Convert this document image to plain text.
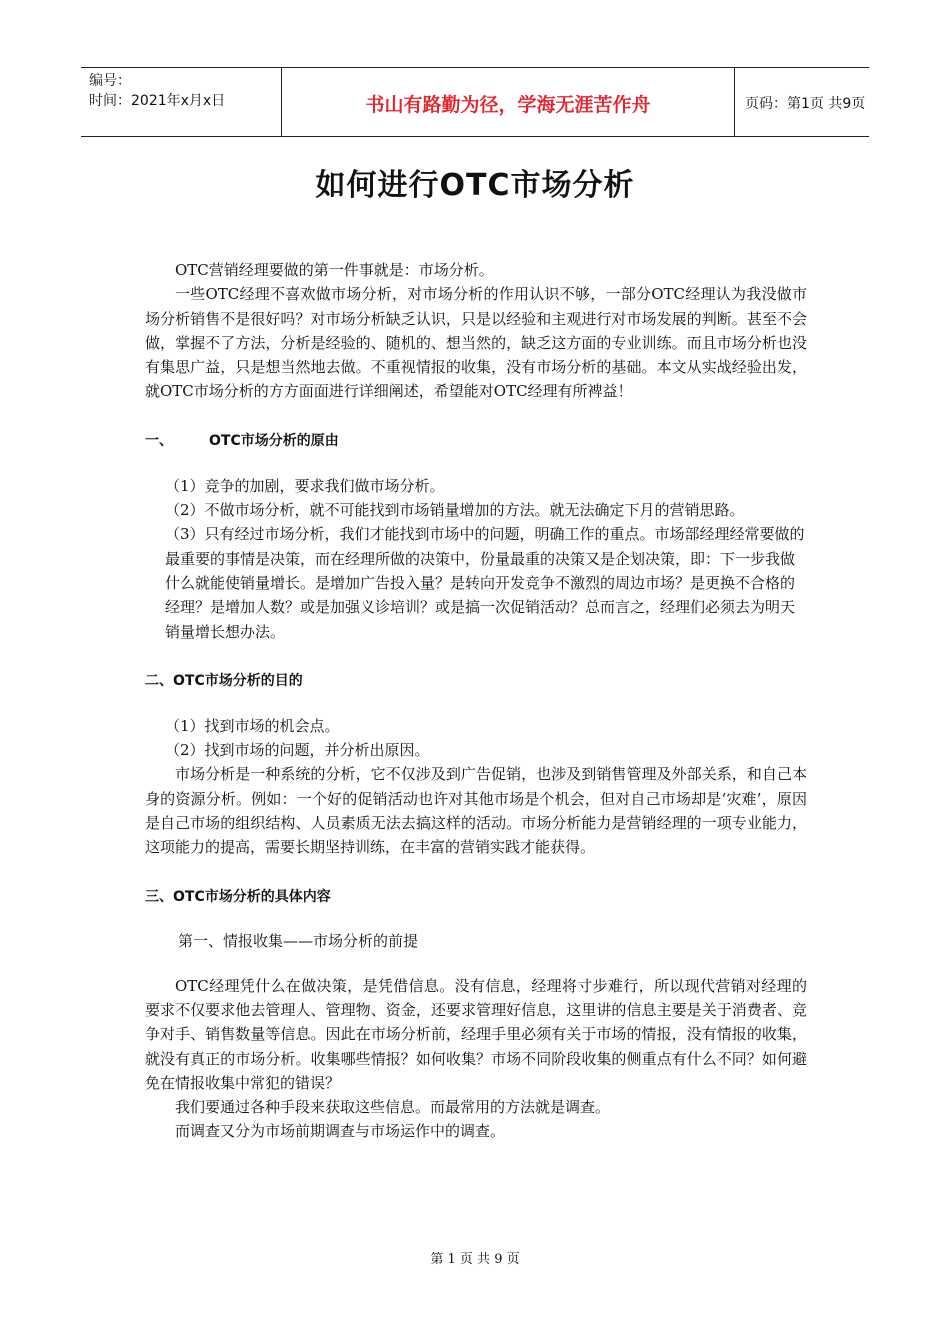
编号：
时间：2021年x月x日	书山有路勤为径，学海无涯苦作舟	页码：第1页 共9页
如何进行OTC市场分析

OTC营销经理要做的第一件事就是：市场分析。

一些OTC经理不喜欢做市场分析，对市场分析的作用认识不够，一部分OTC经理认为我没做市场分析销售不是很好吗？对市场分析缺乏认识，只是以经验和主观进行对市场发展的判断。甚至不会做，掌握不了方法，分析是经验的、随机的、想当然的，缺乏这方面的专业训练。而且市场分析也没有集思广益，只是想当然地去做。不重视情报的收集，没有市场分析的基础。本文从实战经验出发，就OTC市场分析的方方面面进行详细阐述，希望能对OTC经理有所裨益！

一、	OTC市场分析的原由

（1）竞争的加剧，要求我们做市场分析。

（2）不做市场分析，就不可能找到市场销量增加的方法。就无法确定下月的营销思路。

（3）只有经过市场分析，我们才能找到市场中的问题，明确工作的重点。市场部经理经常要做的最重要的事情是决策，而在经理所做的决策中，份量最重的决策又是企划决策，即：下一步我做什么就能使销量增长。是增加广告投入量？是转向开发竞争不激烈的周边市场？是更换不合格的经理？是增加人数？或是加强义诊培训？或是搞一次促销活动？总而言之，经理们必须去为明天销量增长想办法。

二、OTC市场分析的目的

（1）找到市场的机会点。

（2）找到市场的问题，并分析出原因。

市场分析是一种系统的分析，它不仅涉及到广告促销，也涉及到销售管理及外部关系，和自己本身的资源分析。例如：一个好的促销活动也许对其他市场是个机会，但对自己市场却是‘灾难’，原因是自己市场的组织结构、人员素质无法去搞这样的活动。市场分析能力是营销经理的一项专业能力，这项能力的提高，需要长期坚持训练，在丰富的营销实践才能获得。

三、OTC市场分析的具体内容

第一、情报收集——市场分析的前提

OTC经理凭什么在做决策，是凭借信息。没有信息，经理将寸步难行，所以现代营销对经理的要求不仅要求他去管理人、管理物、资金，还要求管理好信息，这里讲的信息主要是关于消费者、竞争对手、销售数量等信息。因此在市场分析前，经理手里必须有关于市场的情报，没有情报的收集，就没有真正的市场分析。收集哪些情报？如何收集？市场不同阶段收集的侧重点有什么不同？如何避免在情报收集中常犯的错误？

我们要通过各种手段来获取这些信息。而最常用的方法就是调查。

而调查又分为市场前期调查与市场运作中的调查。

第 1 页 共 9 页
